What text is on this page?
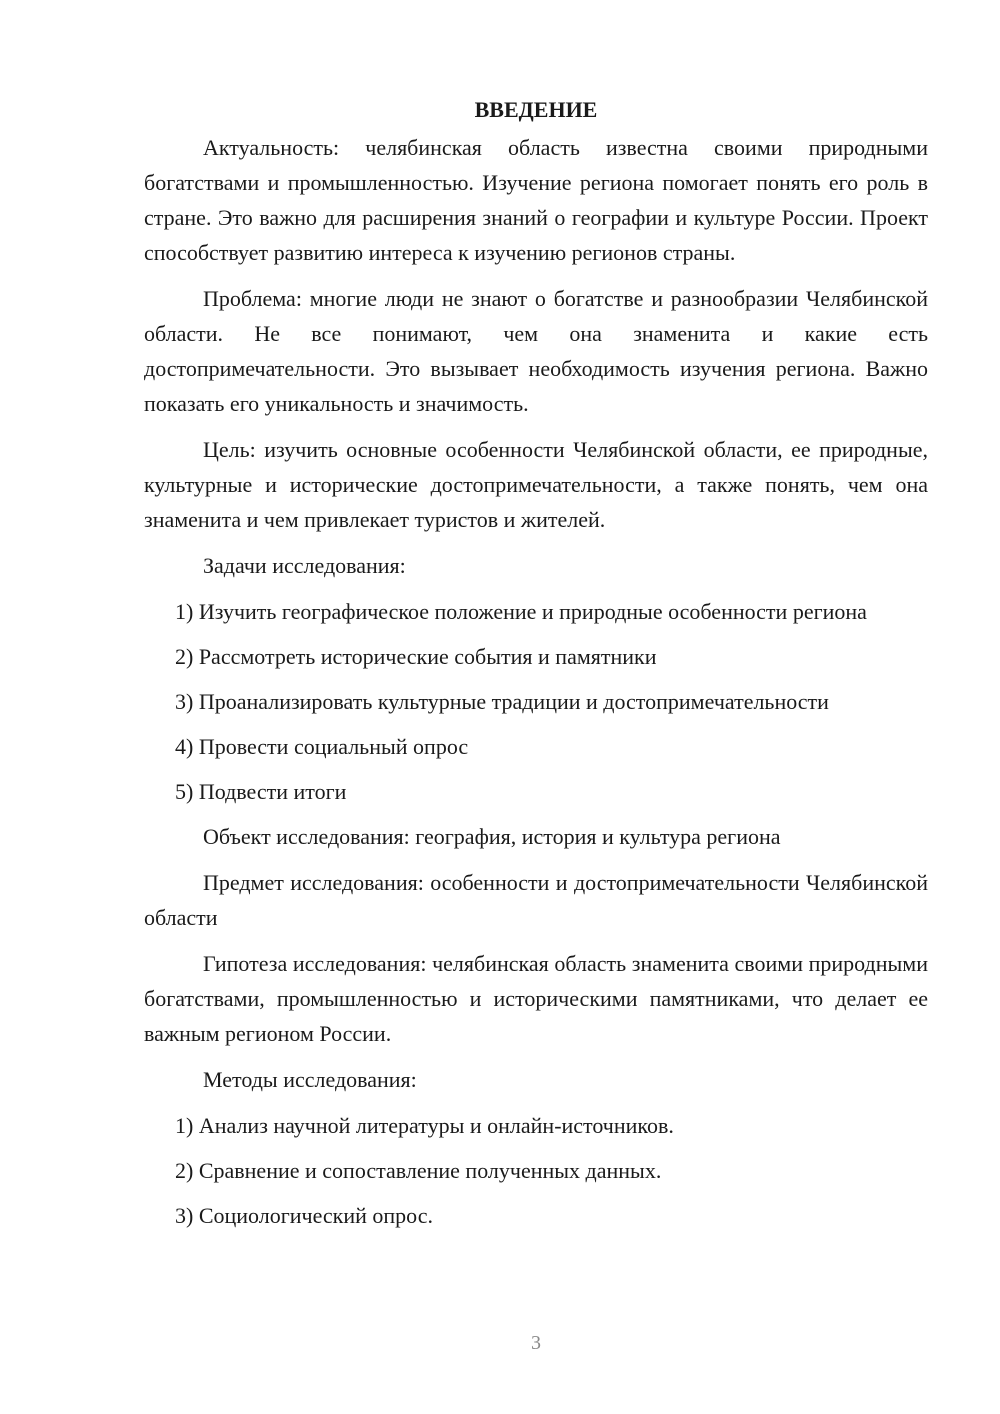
ВВЕДЕНИЕ

Актуальность: челябинская область известна своими природными богатствами и промышленностью. Изучение региона помогает понять его роль в стране. Это важно для расширения знаний о географии и культуре России. Проект способствует развитию интереса к изучению регионов страны.

Проблема: многие люди не знают о богатстве и разнообразии Челябинской области. Не все понимают, чем она знаменита и какие есть достопримечательности. Это вызывает необходимость изучения региона. Важно показать его уникальность и значимость.

Цель: изучить основные особенности Челябинской области, ее природные, культурные и исторические достопримечательности, а также понять, чем она знаменита и чем привлекает туристов и жителей.

Задачи исследования:

1) Изучить географическое положение и природные особенности региона

2) Рассмотреть исторические события и памятники

3) Проанализировать культурные традиции и достопримечательности

4) Провести социальный опрос

5) Подвести итоги

Объект исследования: география, история и культура региона

Предмет исследования: особенности и достопримечательности Челябинской области

Гипотеза исследования: челябинская область знаменита своими природными богатствами, промышленностью и историческими памятниками, что делает ее важным регионом России.

Методы исследования:

1) Анализ научной литературы и онлайн-источников.

2) Сравнение и сопоставление полученных данных.

3) Социологический опрос.

3
